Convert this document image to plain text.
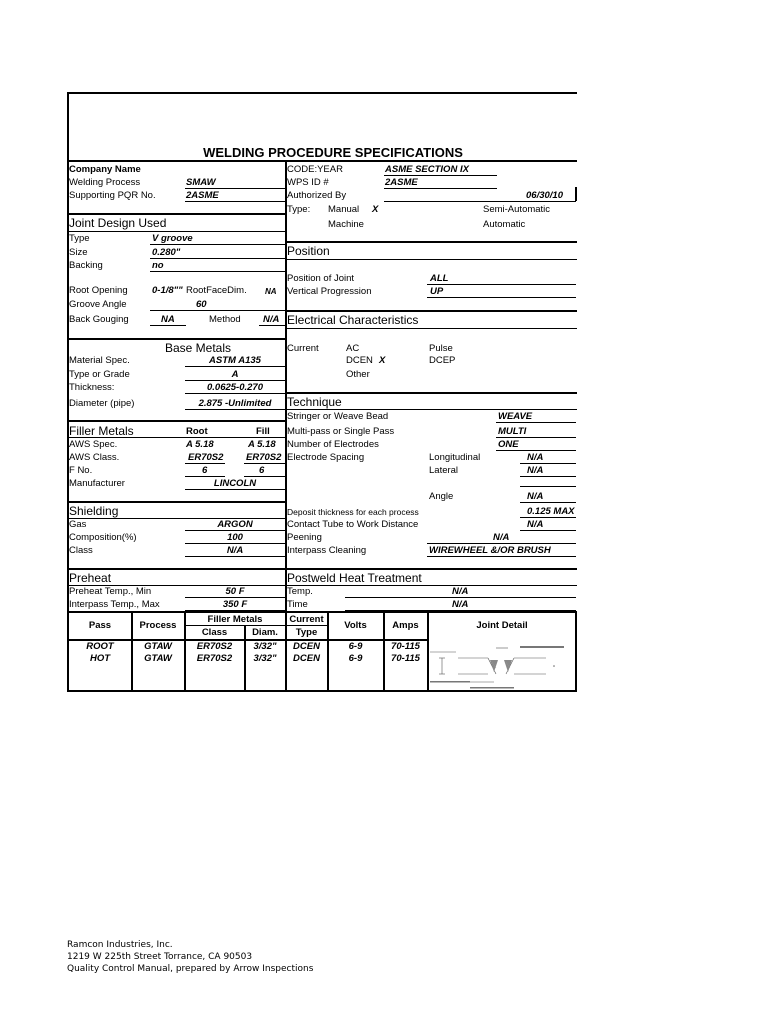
WELDING PROCEDURE SPECIFICATIONS
Company Name
Welding Process	SMAW
Supporting PQR No.	2ASME
CODE:YEAR	ASME SECTION IX
WPS ID #	2ASME
Authorized By	06/30/10
Type: Manual X	Semi-Automatic
Machine	Automatic
Joint Design Used
Type	V groove
Size	0.280"
Backing	no
Root Opening	0-1/8"" RootFaceDim. NA
Groove Angle	60
Back Gouging	NA	Method N/A
Position
Position of Joint	ALL
Vertical Progression	UP
Electrical Characteristics
Current	AC	Pulse
DCEN X	DCEP
Other
Base Metals
Material Spec.	ASTM A135
Type or Grade	A
Thickness:	0.0625-0.270
Diameter (pipe)	2.875 -Unlimited	Technique
Stringer or Weave Bead	WEAVE
Multi-pass or Single Pass	MULTI
Number of Electrodes	ONE
Electrode Spacing	Longitudinal	N/A
Lateral	N/A
Angle	N/A
Deposit thickness for each process	0.125 MAX
Contact Tube to Work Distance	N/A
Peening	N/A
Interpass Cleaning	WIREWHEEL &/OR BRUSH
Filler Metals	Root	Fill
AWS Spec.	A 5.18	A 5.18
AWS Class.	ER70S2 ER70S2
F No.	6	6
Manufacturer	LINCOLN
Shielding
Gas	ARGON
Composition(%)	100
Class	N/A
Preheat
Preheat Temp., Min	50 F
Interpass Temp., Max	350 F
Postweld Heat Treatment
Temp.	N/A
Time	N/A
Pass	Process
Filler Metals
Class	Diam.
Current
Type
Volts	Amps	Joint Detail
ROOT	GTAW	ER70S2	3/32"	DCEN	6-9	70-115
HOT	GTAW	ER70S2	3/32"	DCEN	6-9	70-115
Ramcon Industries, Inc.
1219 W 225th Street Torrance, CA 90503
Quality Control Manual, prepared by Arrow Inspections
